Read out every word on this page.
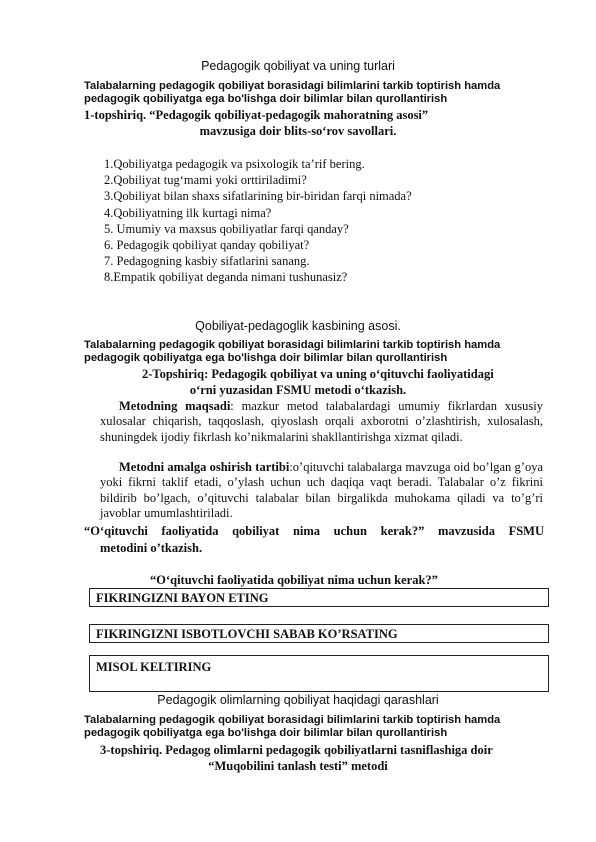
Pedagogik qobiliyat va uning turlari
Talabalarning pedagogik qobiliyat borasidagi bilimlarini tarkib toptirish hamda pedagogik qobiliyatga ega bo'lishga doir bilimlar bilan qurollantirish
1-topshiriq. “Pedagogik qobiliyat-pedagogik mahoratning asosi”
mavzusiga doir blits-so‘rov savollari.
1.Qobiliyatga pedagogik va psixologik ta’rif bering.
2.Qobiliyat tug‘mami yoki orttiriladimi?
3.Qobiliyat bilan shaxs sifatlarining bir-biridan farqi nimada?
4.Qobiliyatning ilk kurtagi nima?
5. Umumiy va maxsus qobiliyatlar farqi qanday?
6. Pedagogik qobiliyat qanday qobiliyat?
7. Pedagogning kasbiy sifatlarini sanang.
8.Empatik qobiliyat deganda nimani tushunasiz?
Qobiliyat-pedagoglik kasbining asosi.
Talabalarning pedagogik qobiliyat borasidagi bilimlarini tarkib toptirish hamda pedagogik qobiliyatga ega bo'lishga doir bilimlar bilan qurollantirish
2-Topshiriq: Pedagogik qobiliyat va uning o‘qituvchi faoliyatidagi
o‘rni yuzasidan FSMU metodi o‘tkazish.

Metodning maqsadi: mazkur metod talabalardagi umumiy fikrlardan xususiy xulosalar chiqarish, taqqoslash, qiyoslash orqali axborotni o’zlashtirish, xulosalash, shuningdek ijodiy fikrlash ko’nikmalarini shakllantirishga xizmat qiladi.

Metodni amalga oshirish tartibi:o’qituvchi talabalarga mavzuga oid bo’lgan g’oya yoki fikrni taklif etadi, o’ylash uchun uch daqiqa vaqt beradi. Talabalar o’z fikrini bildirib bo’lgach, o’qituvchi talabalar bilan birgalikda muhokama qiladi va to’g’ri javoblar umumlashtiriladi.

“O‘qituvchi faoliyatida qobiliyat nima uchun kerak?” mavzusida FSMU
metodini o’tkazish.
“O‘qituvchi faoliyatida qobiliyat nima uchun kerak?”
FIKRINGIZNI BAYON ETING
FIKRINGIZNI ISBOTLOVCHI SABAB KO’RSATING
MISOL KELTIRING
Pedagogik olimlarning qobiliyat haqidagi qarashlari
Talabalarning pedagogik qobiliyat borasidagi bilimlarini tarkib toptirish hamda pedagogik qobiliyatga ega bo'lishga doir bilimlar bilan qurollantirish
3-topshiriq. Pedagog olimlarni pedagogik qobiliyatlarni tasniflashiga doir
“Muqobilini tanlash testi” metodi
